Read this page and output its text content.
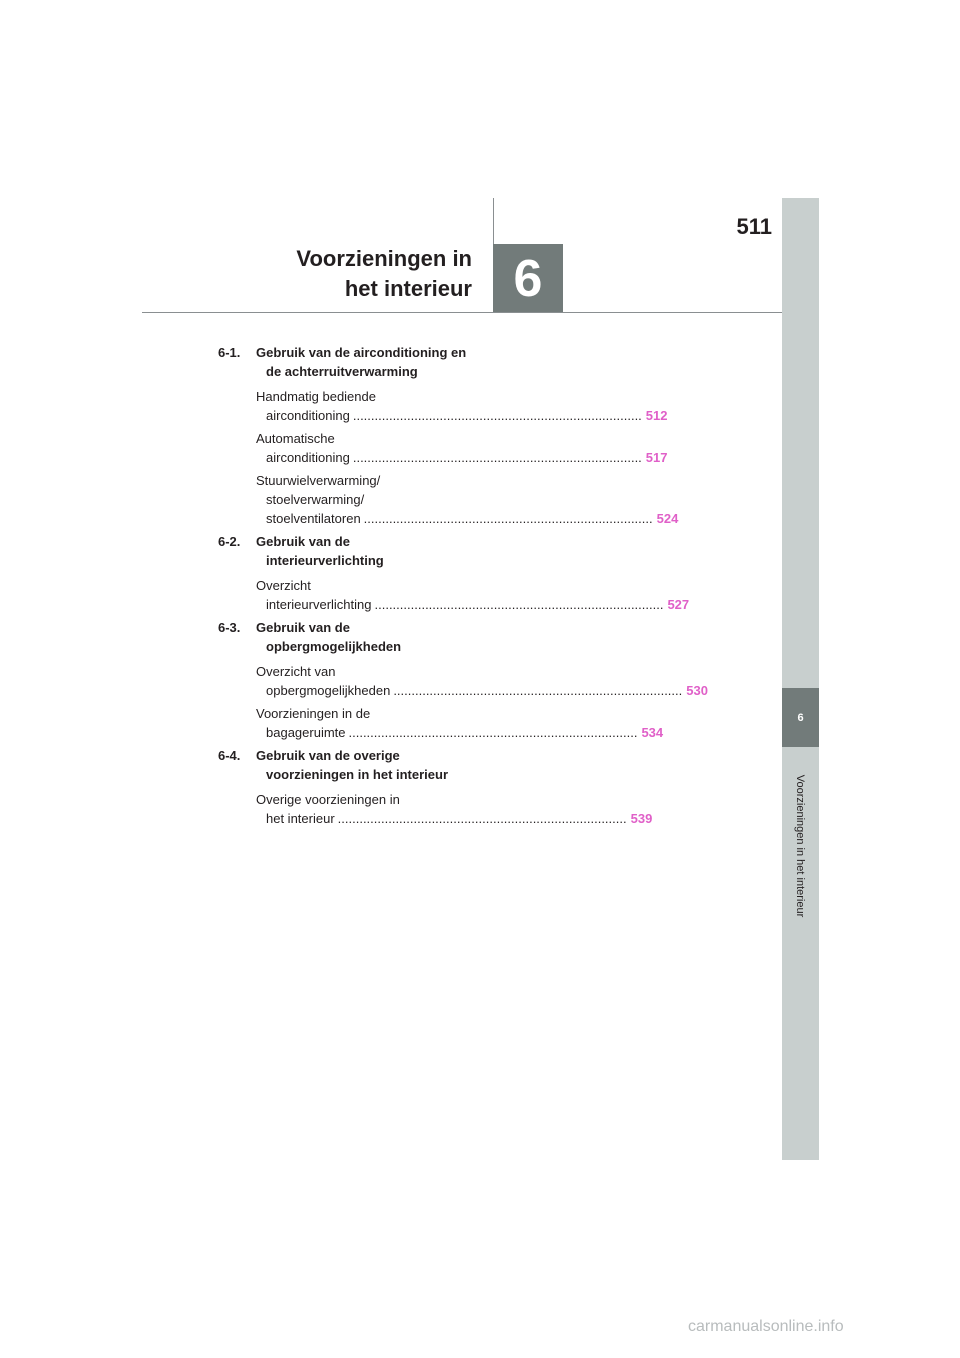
511
Voorzieningen in
het interieur 6
6
Voorzieningen in het interieur
6-1.	Gebruik van de airconditioning en de achterruitverwarming
Handmatig bediende
airconditioning ................................................................................ 512
Automatische
airconditioning ................................................................................ 517
Stuurwielverwarming/ stoelverwarming/
stoelventilatoren ................................................................................ 524
6-2.	Gebruik van de interieurverlichting
Overzicht
interieurverlichting ................................................................................ 527
6-3.	Gebruik van de opbergmogelijkheden
Overzicht van
opbergmogelijkheden ................................................................................ 530
Voorzieningen in de
bagageruimte ................................................................................ 534
6-4.	Gebruik van de overige voorzieningen in het interieur
Overige voorzieningen in
het interieur ................................................................................ 539
carmanualsonline.info
